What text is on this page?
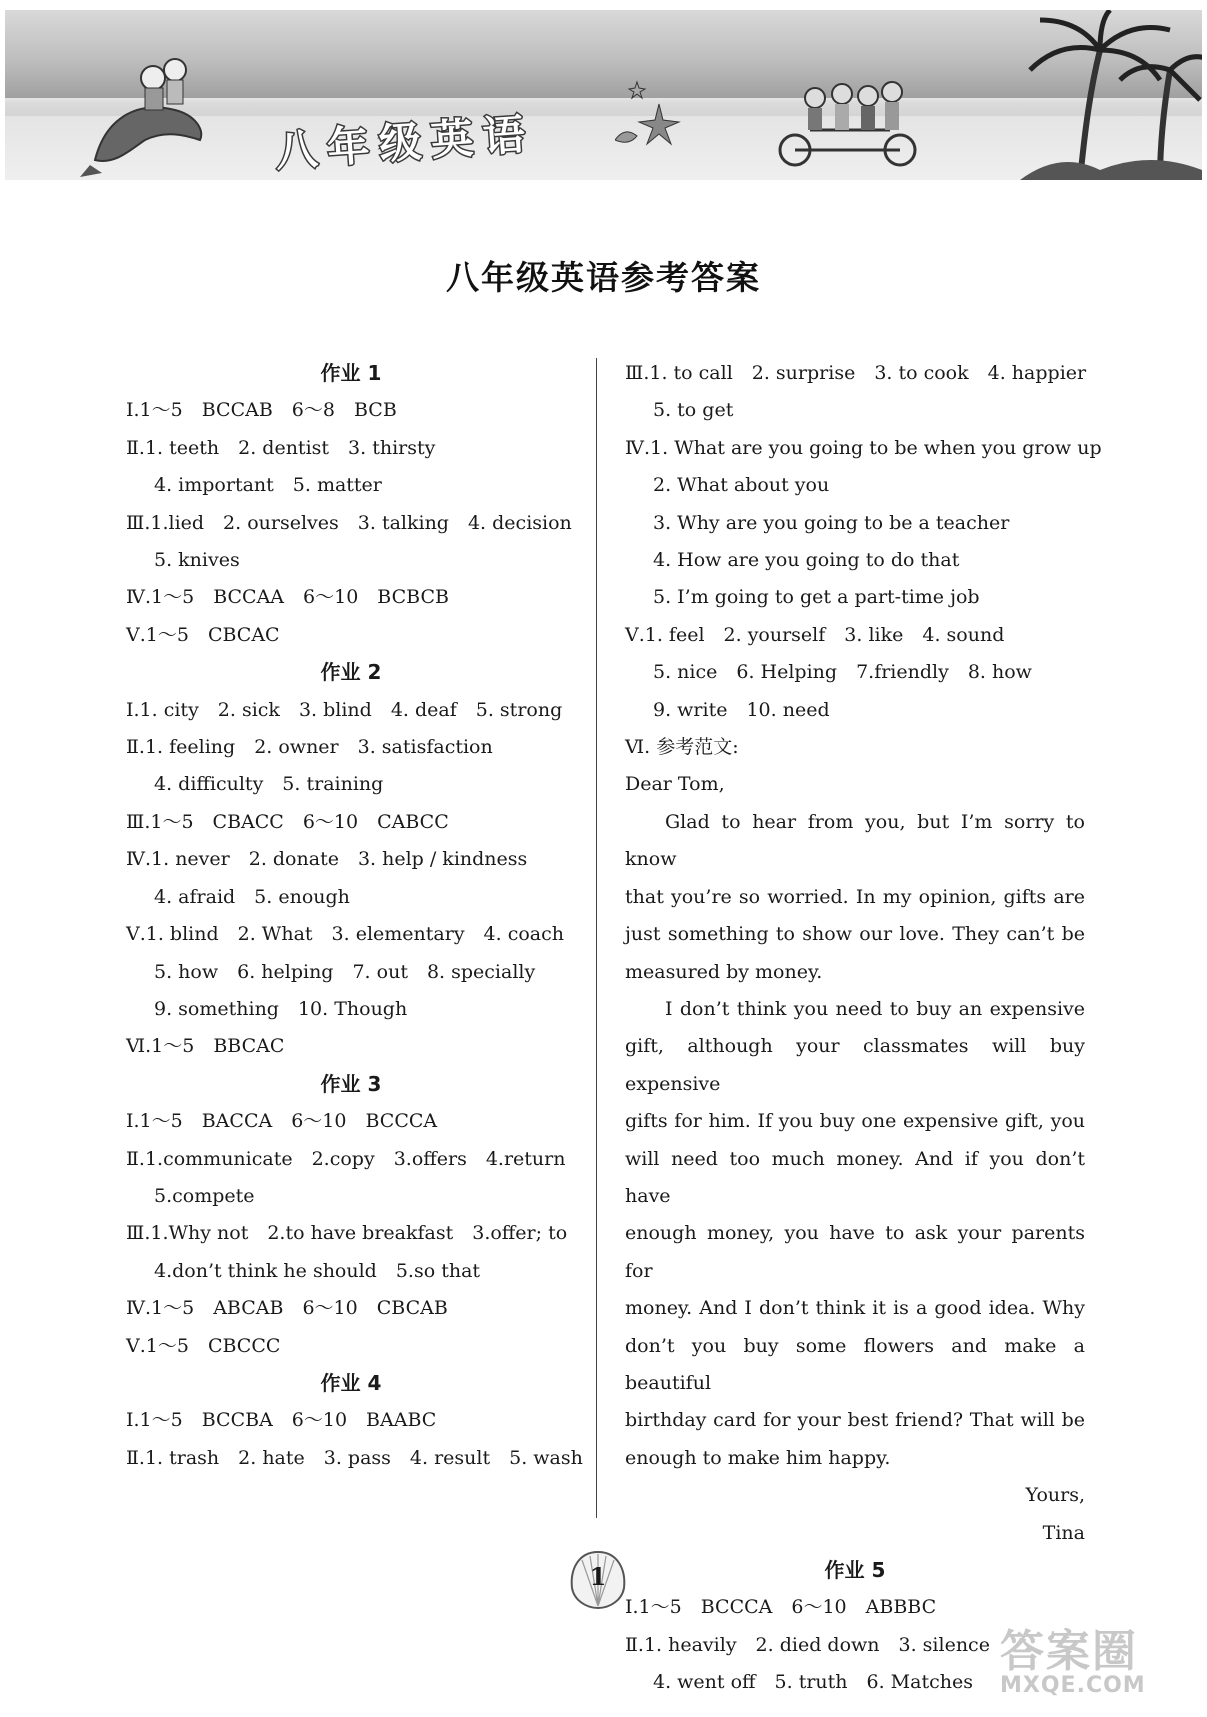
八年级英语
八年级英语参考答案
作业 1
Ⅰ.1～5　BCCAB　6～8　BCB
Ⅱ.1. teeth　2. dentist　3. thirsty
4. important　5. matter
Ⅲ.1.lied　2. ourselves　3. talking　4. decision
5. knives
Ⅳ.1～5　BCCAA　6～10　BCBCB
Ⅴ.1～5　CBCAC
作业 2
Ⅰ.1. city　2. sick　3. blind　4. deaf　5. strong
Ⅱ.1. feeling　2. owner　3. satisfaction
4. difficulty　5. training
Ⅲ.1～5　CBACC　6～10　CABCC
Ⅳ.1. never　2. donate　3. help / kindness
4. afraid　5. enough
Ⅴ.1. blind　2. What　3. elementary　4. coach
5. how　6. helping　7. out　8. specially
9. something　10. Though
Ⅵ.1～5　BBCAC
作业 3
Ⅰ.1～5　BACCA　6～10　BCCCA
Ⅱ.1.communicate　2.copy　3.offers　4.return
5.compete
Ⅲ.1.Why not　2.to have breakfast　3.offer; to
4.don’t think he should　5.so that
Ⅳ.1～5　ABCAB　6～10　CBCAB
Ⅴ.1～5　CBCCC
作业 4
Ⅰ.1～5　BCCBA　6～10　BAABC
Ⅱ.1. trash　2. hate　3. pass　4. result　5. wash
Ⅲ.1. to call　2. surprise　3. to cook　4. happier
5. to get
Ⅳ.1. What are you going to be when you grow up
2. What about you
3. Why are you going to be a teacher
4. How are you going to do that
5. I’m going to get a part-time job
Ⅴ.1. feel　2. yourself　3. like　4. sound
5. nice　6. Helping　7.friendly　8. how
9. write　10. need
Ⅵ. 参考范文:
Dear Tom,
Glad to hear from you, but I’m sorry to know
that you’re so worried. In my opinion, gifts are
just something to show our love. They can’t be
measured by money.
I don’t think you need to buy an expensive
gift, although your classmates will buy expensive
gifts for him. If you buy one expensive gift, you
will need too much money. And if you don’t have
enough money, you have to ask your parents for
money. And I don’t think it is a good idea. Why
don’t you buy some flowers and make a beautiful
birthday card for your best friend? That will be
enough to make him happy.
Yours,
Tina
作业 5
Ⅰ.1～5　BCCCA　6～10　ABBBC
Ⅱ.1. heavily　2. died down　3. silence
4. went off　5. truth　6. Matches
1
答案圈
MXQE.COM
